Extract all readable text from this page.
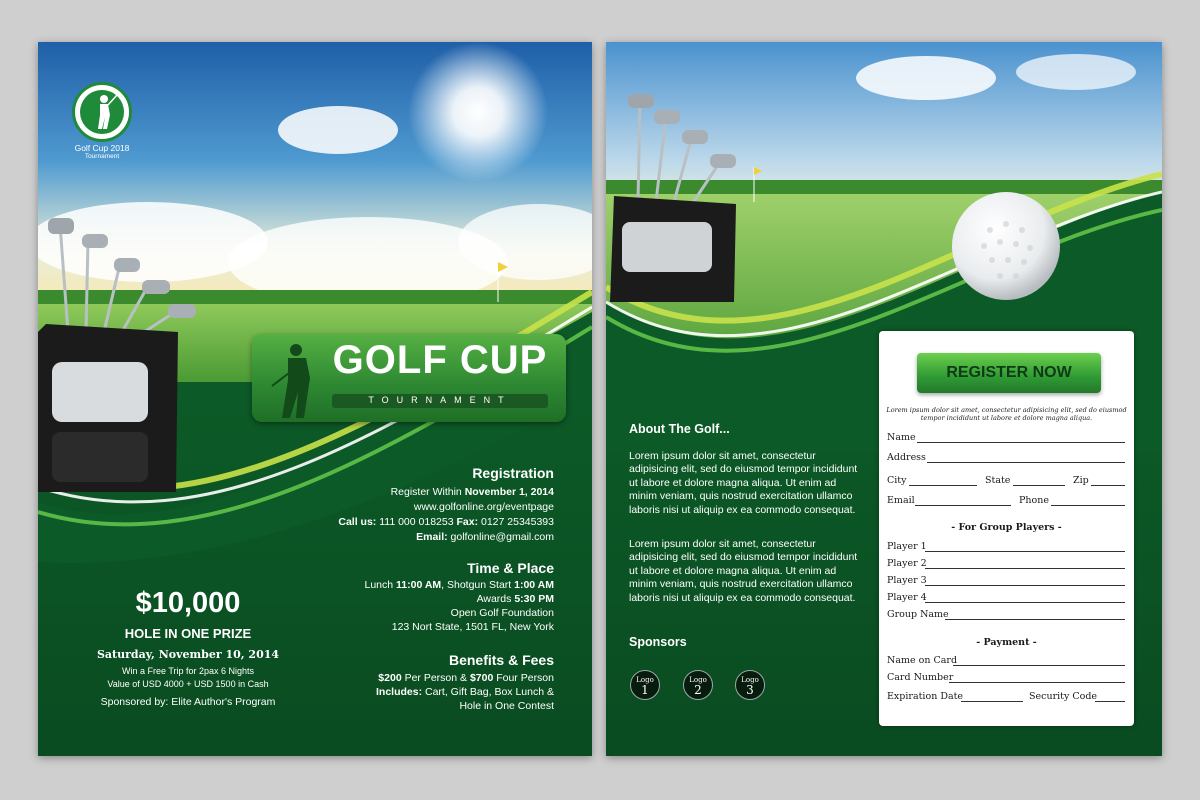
Golf Cup 2018
Tournament
GOLF CUP
TOURNAMENT
$10,000
HOLE IN ONE PRIZE
Saturday, November 10, 2014
Win a Free Trip for 2pax 6 Nights
Value of USD 4000 + USD 1500 in Cash
Sponsored by: Elite Author's Program
Registration
Register Within November 1, 2014
www.golfonline.org/eventpage
Call us: 111 000 018253 Fax: 0127 25345393
Email: golfonline@gmail.com
Time & Place
Lunch 11:00 AM, Shotgun Start 1:00 AM
Awards 5:30 PM
Open Golf Foundation
123 Nort State, 1501 FL, New York
Benefits & Fees
$200 Per Person & $700 Four Person
Includes: Cart, Gift Bag, Box Lunch &
Hole in One Contest
About The Golf...
Lorem ipsum dolor sit amet, consectetur adipisicing elit, sed do eiusmod tempor incididunt ut labore et dolore magna aliqua. Ut enim ad minim veniam, quis nostrud exercitation ullamco laboris nisi ut aliquip ex ea commodo consequat.
Lorem ipsum dolor sit amet, consectetur adipisicing elit, sed do eiusmod tempor incididunt ut labore et dolore magna aliqua. Ut enim ad minim veniam, quis nostrud exercitation ullamco laboris nisi ut aliquip ex ea commodo consequat.
Sponsors
Logo
1
Logo
2
Logo
3
REGISTER NOW
Lorem ipsum dolor sit amet, consectetur adipisicing elit, sed do eiusmod
tempor incididunt ut labore et dolore magna aliqua.
Name
Address
City	State	Zip
Email	Phone
- For Group Players -
Player 1
Player 2
Player 3
Player 4
Group Name
- Payment -
Name on Card
Card Number
Expiration Date	Security Code
